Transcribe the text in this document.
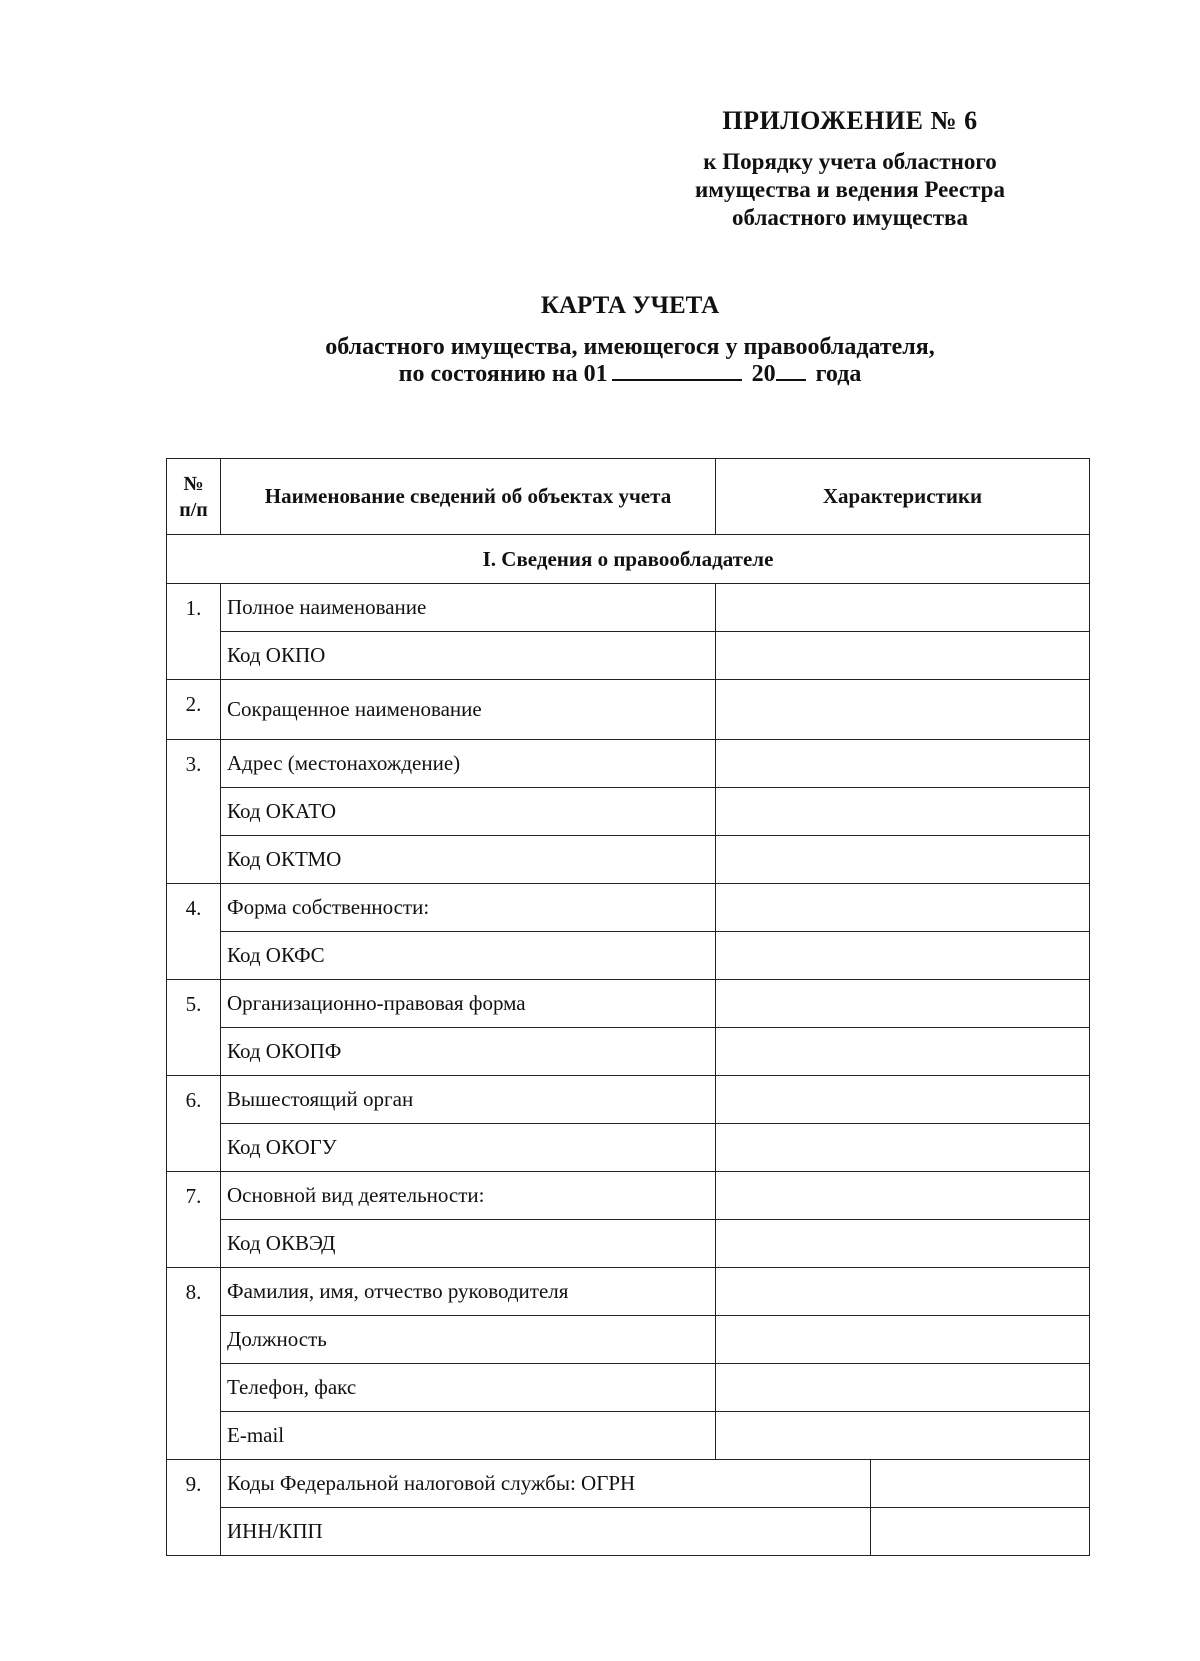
ПРИЛОЖЕНИЕ № 6
к Порядку учета областного
имущества и ведения Реестра
областного имущества
КАРТА УЧЕТА
областного имущества, имеющегося у правообладателя,
по состоянию на 01	20 года
№
п/п	Наименование сведений об объектах учета	Характеристики	
I. Сведения о правообладателе			
1.	Полное наименование		
	Код ОКПО		
2.	Сокращенное наименование		
3.	Адрес (местонахождение)		
	Код ОКАТО		
	Код ОКТМО		
4.	Форма собственности:		
	Код ОКФС		
5.	Организационно-правовая форма		
	Код ОКОПФ		
6.	Вышестоящий орган		
	Код ОКОГУ		
7.	Основной вид деятельности:		
	Код ОКВЭД		
8.	Фамилия, имя, отчество руководителя		
	Должность		
	Телефон, факс		
	E-mail		
9.	Коды Федеральной налоговой службы: ОГРН		
	ИНН/КПП		
